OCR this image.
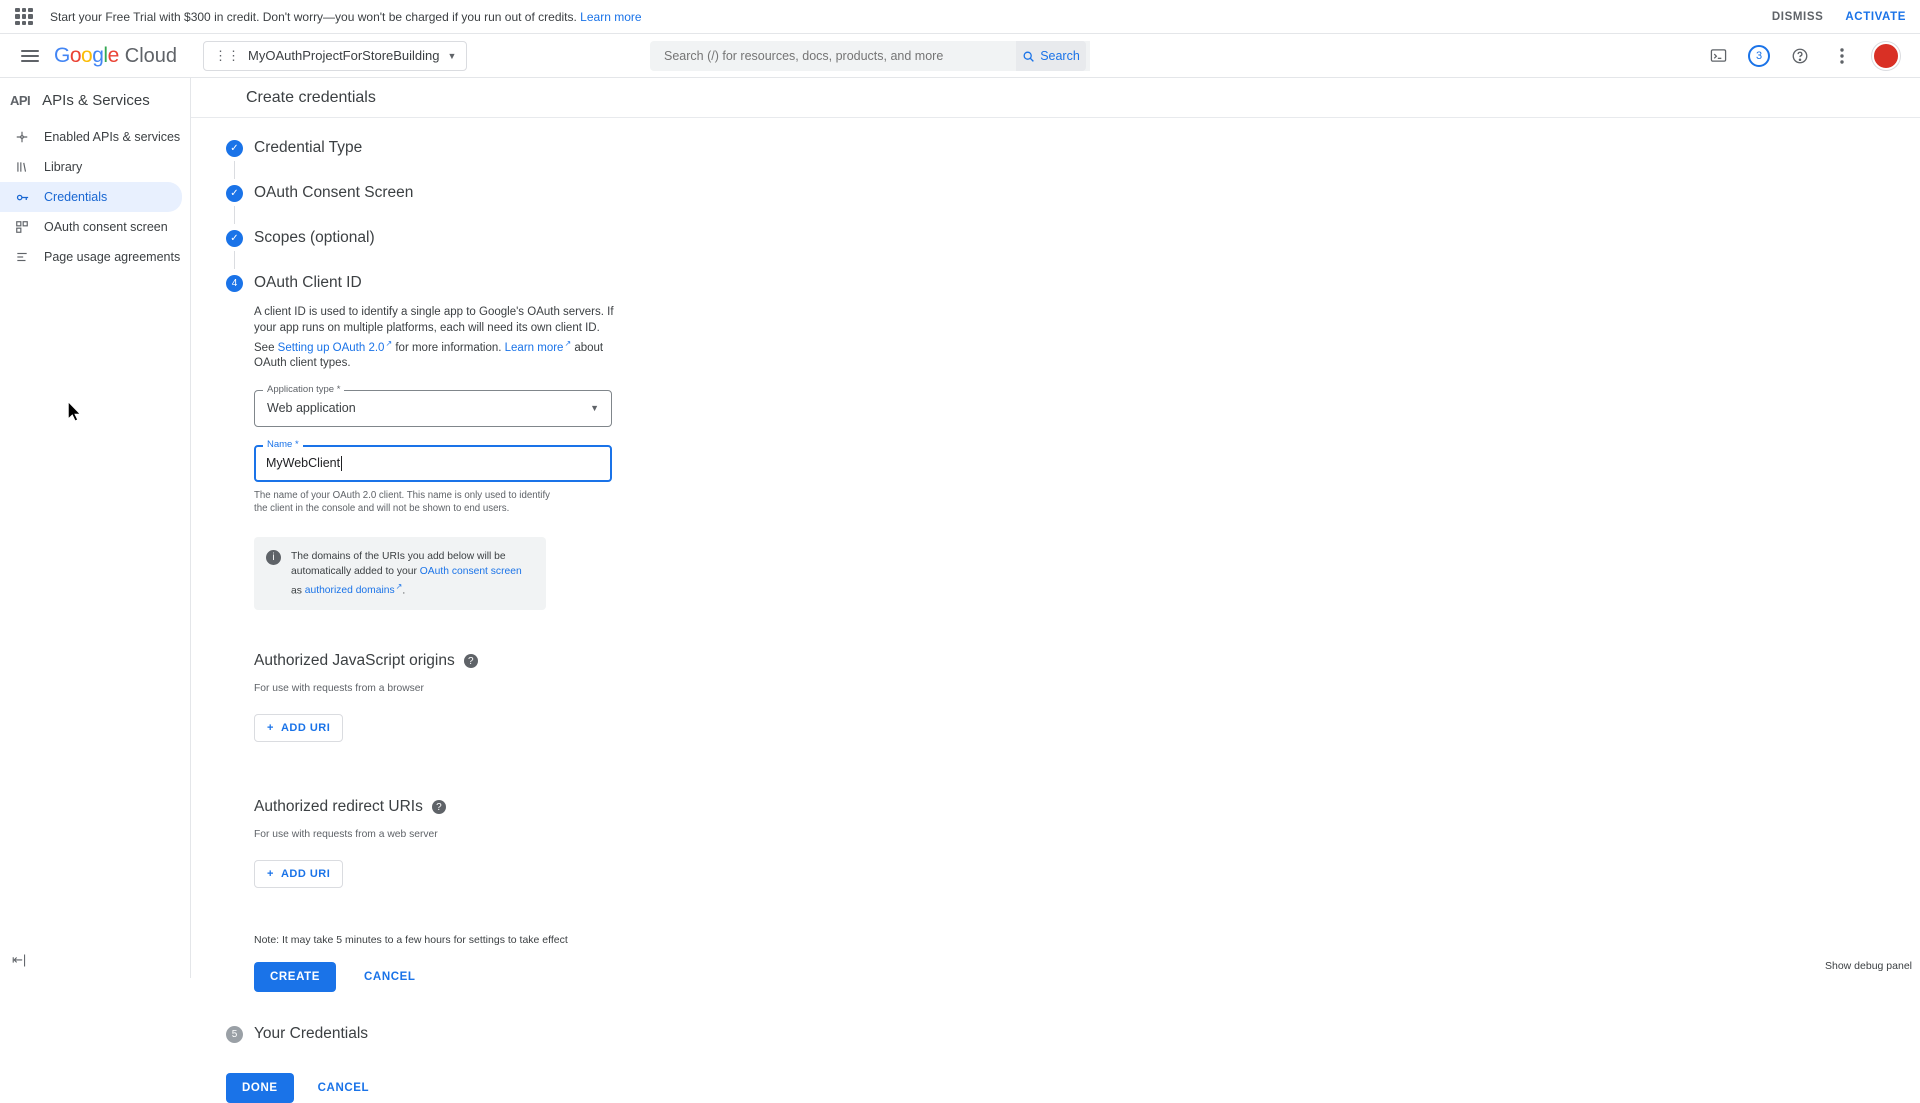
Start your Free Trial with $300 in credit. Don't worry—you won't be charged if you run out of credits. Learn more	DISMISS ACTIVATE
Google Cloud	⋮⋮ MyOAuthProjectForStoreBuilding ▼
Search (/) for resources, docs, products, and more	Search	3
API APIs & Services
Enabled APIs & services
Library
Credentials
OAuth consent screen
Page usage agreements
⇤|
Create credentials
✓ Credential Type
✓ OAuth Consent Screen
✓ Scopes (optional)
4	OAuth Client ID
A client ID is used to identify a single app to Google's OAuth servers. If your app runs on multiple platforms, each will need its own client ID. See Setting up OAuth 2.0 ↗ for more information. Learn more ↗ about OAuth client types.
Application type *
Web application	▼
Name *
MyWebClient
The name of your OAuth 2.0 client. This name is only used to identify the client in the console and will not be shown to end users.
i	The domains of the URIs you add below will be automatically added to your OAuth consent screen as authorized domains ↗ .
Authorized JavaScript origins	?
For use with requests from a browser
+ ADD URI
Authorized redirect URIs	?
For use with requests from a web server
+ ADD URI
Note: It may take 5 minutes to a few hours for settings to take effect
CREATE	CANCEL
5	Your Credentials
DONE	CANCEL
Show debug panel
